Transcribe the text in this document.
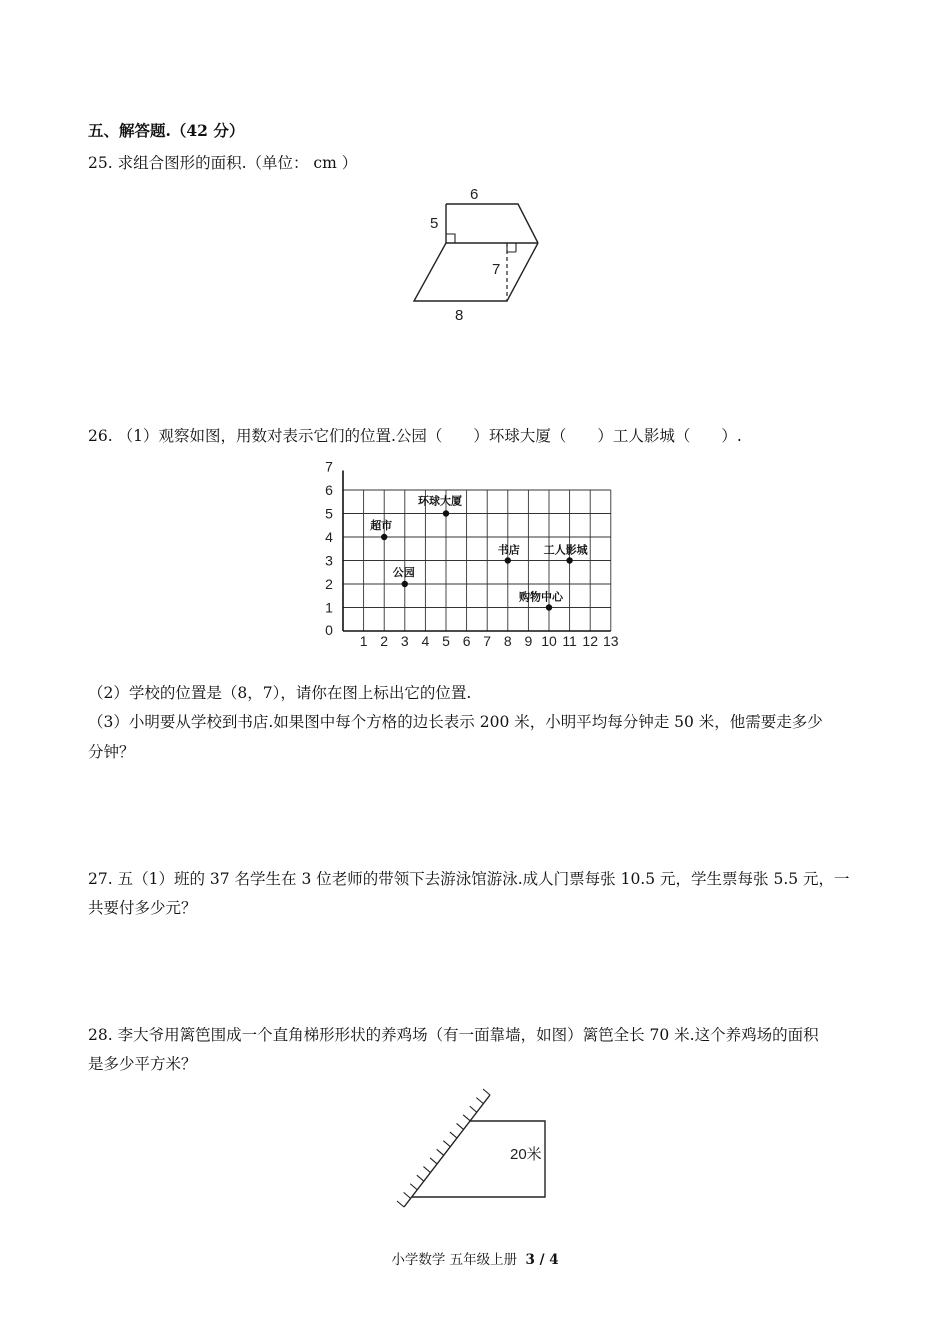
五、解答题.（42 分）
25. 求组合图形的面积.（单位： cm ）
6
5
7
8
26. （1）观察如图，用数对表示它们的位置.公园（　　）环球大厦（　　）工人影城（　　）.
0
1 2 3 4 5 6 7 8 9 10 11 12 13
1
2
3
4
5
6
7
超市
环球大厦
公园
书店 工人影城
购物中心
（2）学校的位置是（8，7），请你在图上标出它的位置.
（3）小明要从学校到书店.如果图中每个方格的边长表示 200 米，小明平均每分钟走 50 米，他需要走多少
分钟？
27. 五（1）班的 37 名学生在 3 位老师的带领下去游泳馆游泳.成人门票每张 10.5 元，学生票每张 5.5 元，一
共要付多少元？
28. 李大爷用篱笆围成一个直角梯形形状的养鸡场（有一面靠墙，如图）篱笆全长 70 米.这个养鸡场的面积
是多少平方米？
20米
小学数学 五年级上册 3 / 4
